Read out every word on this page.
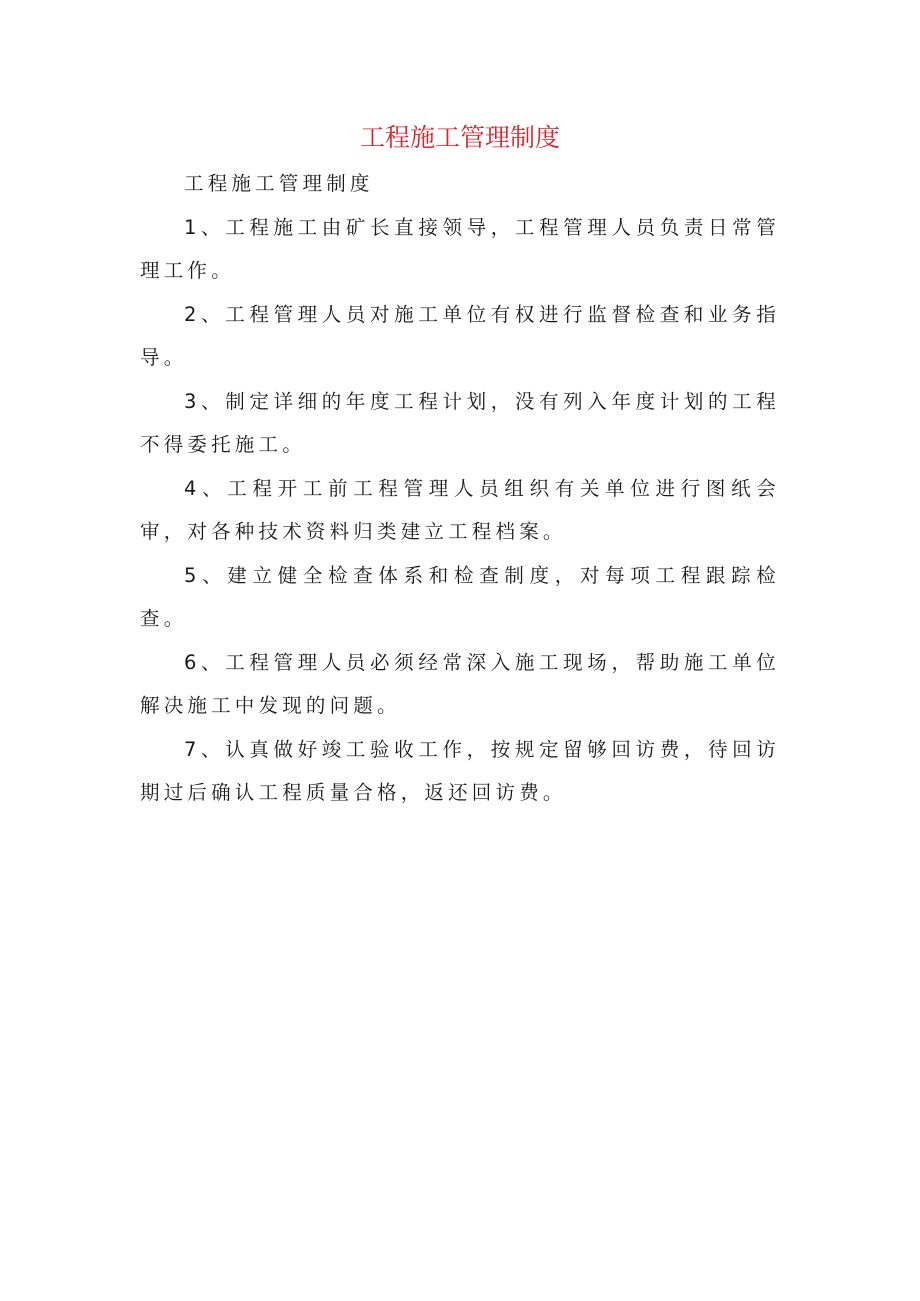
工程施工管理制度

工程施工管理制度

1、工程施工由矿长直接领导，工程管理人员负责日常管理工作。

2、工程管理人员对施工单位有权进行监督检查和业务指导。

3、制定详细的年度工程计划，没有列入年度计划的工程不得委托施工。

4、工程开工前工程管理人员组织有关单位进行图纸会审，对各种技术资料归类建立工程档案。

5、建立健全检查体系和检查制度，对每项工程跟踪检查。

6、工程管理人员必须经常深入施工现场，帮助施工单位解决施工中发现的问题。

7、认真做好竣工验收工作，按规定留够回访费，待回访期过后确认工程质量合格，返还回访费。
